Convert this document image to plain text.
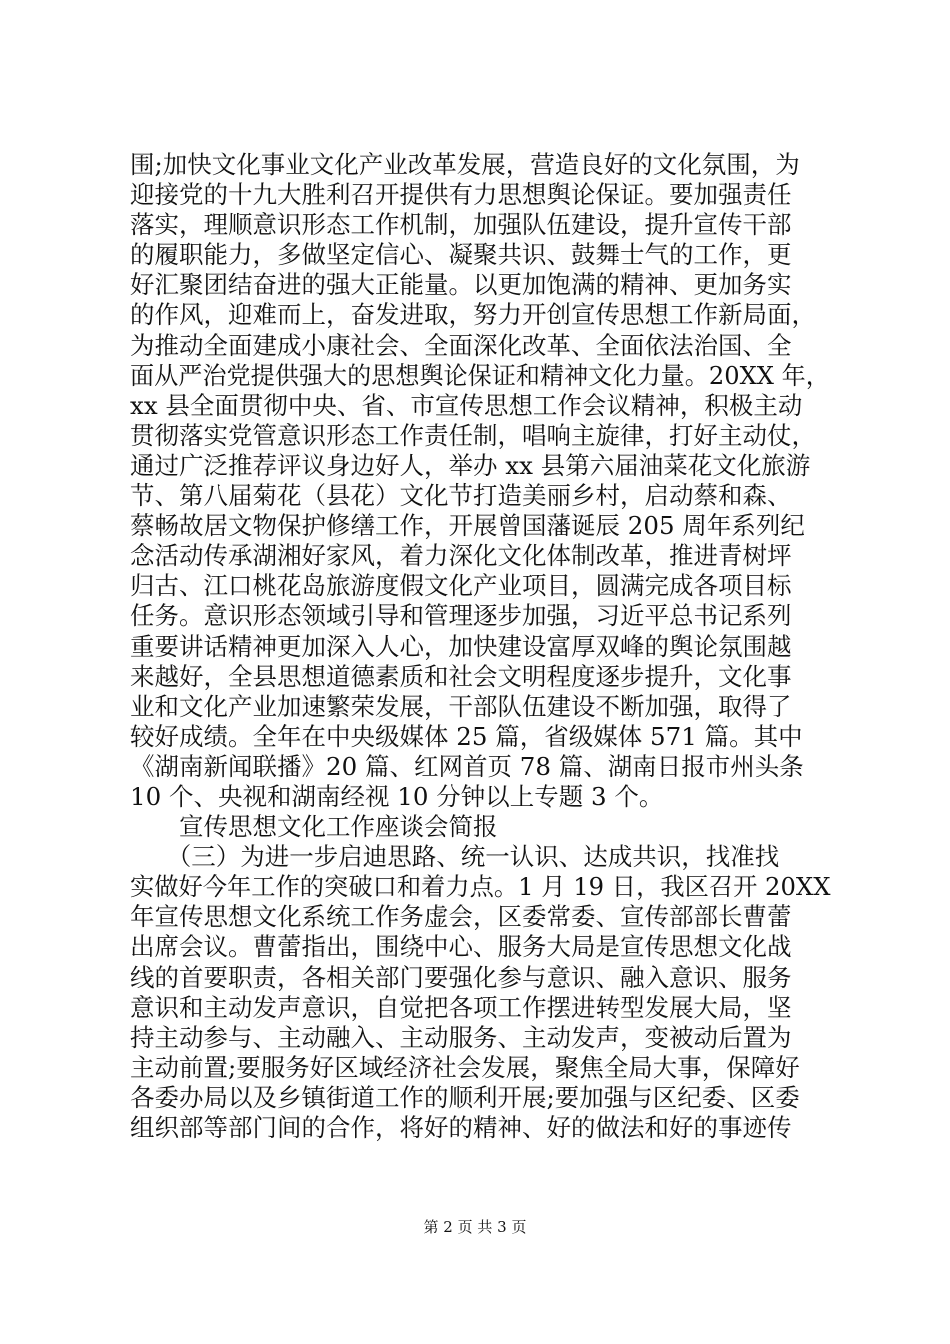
围;加快文化事业文化产业改革发展，营造良好的文化氛围，为
迎接党的十九大胜利召开提供有力思想舆论保证。要加强责任
落实，理顺意识形态工作机制，加强队伍建设，提升宣传干部
的履职能力，多做坚定信心、凝聚共识、鼓舞士气的工作，更
好汇聚团结奋进的强大正能量。以更加饱满的精神、更加务实
的作风，迎难而上，奋发进取，努力开创宣传思想工作新局面，
为推动全面建成小康社会、全面深化改革、全面依法治国、全
面从严治党提供强大的思想舆论保证和精神文化力量。20XX 年，
xx 县全面贯彻中央、省、市宣传思想工作会议精神，积极主动
贯彻落实党管意识形态工作责任制，唱响主旋律，打好主动仗，
通过广泛推荐评议身边好人，举办 xx 县第六届油菜花文化旅游
节、第八届菊花（县花）文化节打造美丽乡村，启动蔡和森、
蔡畅故居文物保护修缮工作，开展曾国藩诞辰 205 周年系列纪
念活动传承湖湘好家风，着力深化文化体制改革，推进青树坪
归古、江口桃花岛旅游度假文化产业项目，圆满完成各项目标
任务。意识形态领域引导和管理逐步加强，习近平总书记系列
重要讲话精神更加深入人心，加快建设富厚双峰的舆论氛围越
来越好，全县思想道德素质和社会文明程度逐步提升，文化事
业和文化产业加速繁荣发展，干部队伍建设不断加强，取得了
较好成绩。全年在中央级媒体 25 篇，省级媒体 571 篇。其中
《湖南新闻联播》20 篇、红网首页 78 篇、湖南日报市州头条
10 个、央视和湖南经视 10 分钟以上专题 3 个。
　　宣传思想文化工作座谈会简报
　　（三）为进一步启迪思路、统一认识、达成共识，找准找
实做好今年工作的突破口和着力点。1 月 19 日，我区召开 20XX
年宣传思想文化系统工作务虚会，区委常委、宣传部部长曹蕾
出席会议。曹蕾指出，围绕中心、服务大局是宣传思想文化战
线的首要职责，各相关部门要强化参与意识、融入意识、服务
意识和主动发声意识，自觉把各项工作摆进转型发展大局，坚
持主动参与、主动融入、主动服务、主动发声，变被动后置为
主动前置;要服务好区域经济社会发展，聚焦全局大事，保障好
各委办局以及乡镇街道工作的顺利开展;要加强与区纪委、区委
组织部等部门间的合作，将好的精神、好的做法和好的事迹传
第 2 页 共 3 页
